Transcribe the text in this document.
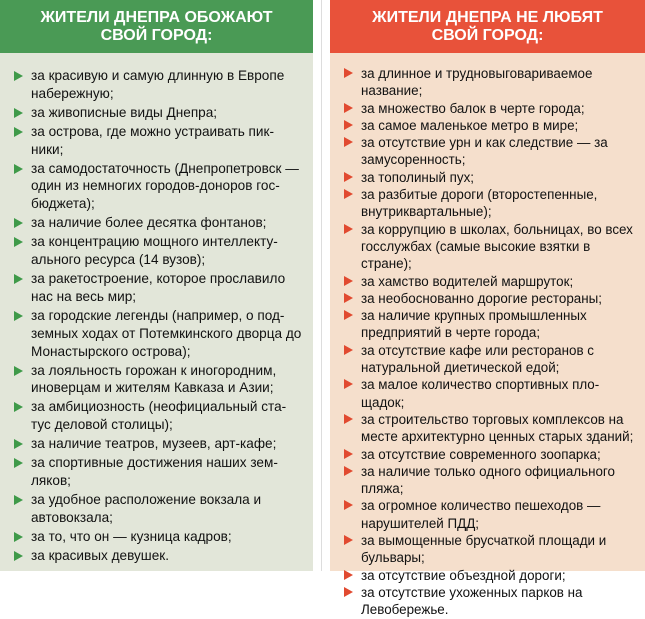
ЖИТЕЛИ ДНЕПРА ОБОЖАЮТ
СВОЙ ГОРОД:
за красивую и самую длинную в Европе набережную;
за живописные виды Днепра;
за острова, где можно устраивать пик-ники;
за самодостаточность (Днепропетровск — один из немногих городов-доноров гос-бюджета);
за наличие более десятка фонтанов;
за концентрацию мощного интеллекту-ального ресурса (14 вузов);
за ракетостроение, которое прославило нас на весь мир;
за городские легенды (например, о под-земных ходах от Потемкинского дворца до Монастырского острова);
за лояльность горожан к иногородним, иноверцам и жителям Кавказа и Азии;
за амбициозность (неофициальный ста-тус деловой столицы);
за наличие театров, музеев, арт-кафе;
за спортивные достижения наших зем-ляков;
за удобное расположение вокзала и автовокзала;
за то, что он — кузница кадров;
за красивых девушек.
ЖИТЕЛИ ДНЕПРА НЕ ЛЮБЯТ
СВОЙ ГОРОД:
за длинное и трудновыговариваемое название;
за множество балок в черте города;
за самое маленькое метро в мире;
за отсутствие урн и как следствие — за замусоренность;
за тополиный пух;
за разбитые дороги (второстепенные, внутриквартальные);
за коррупцию в школах, больницах, во всех госслужбах (самые высокие взятки в стране);
за хамство водителей маршруток;
за необоснованно дорогие рестораны;
за наличие крупных промышленных предприятий в черте города;
за отсутствие кафе или ресторанов с натуральной диетической едой;
за малое количество спортивных пло-щадок;
за строительство торговых комплексов на месте архитектурно ценных старых зданий;
за отсутствие современного зоопарка;
за наличие только одного официального пляжа;
за огромное количество пешеходов — нарушителей ПДД;
за вымощенные брусчаткой площади и бульвары;
за отсутствие объездной дороги;
за отсутствие ухоженных парков на Левобережье.
